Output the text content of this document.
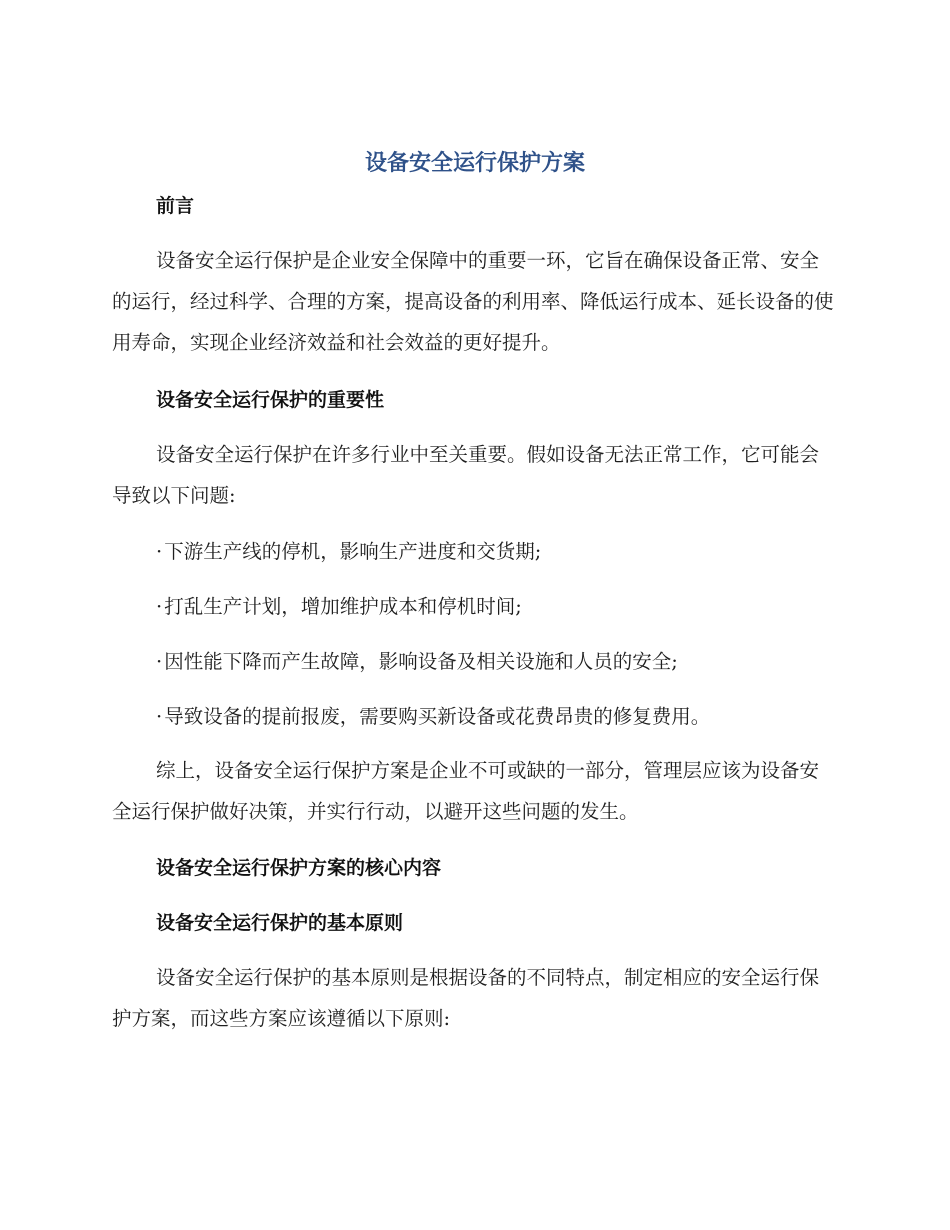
设备安全运行保护方案
前言

设备安全运行保护是企业安全保障中的重要一环，它旨在确保设备正常、安全的运行，经过科学、合理的方案，提高设备的利用率、降低运行成本、延长设备的使用寿命，实现企业经济效益和社会效益的更好提升。

设备安全运行保护的重要性

设备安全运行保护在许多行业中至关重要。假如设备无法正常工作，它可能会导致以下问题:

· 下游生产线的停机，影响生产进度和交货期;
· 打乱生产计划，增加维护成本和停机时间;
· 因性能下降而产生故障，影响设备及相关设施和人员的安全;
· 导致设备的提前报废，需要购买新设备或花费昂贵的修复费用。

综上，设备安全运行保护方案是企业不可或缺的一部分，管理层应该为设备安全运行保护做好决策，并实行行动，以避开这些问题的发生。

设备安全运行保护方案的核心内容
设备安全运行保护的基本原则

设备安全运行保护的基本原则是根据设备的不同特点，制定相应的安全运行保护方案，而这些方案应该遵循以下原则:
